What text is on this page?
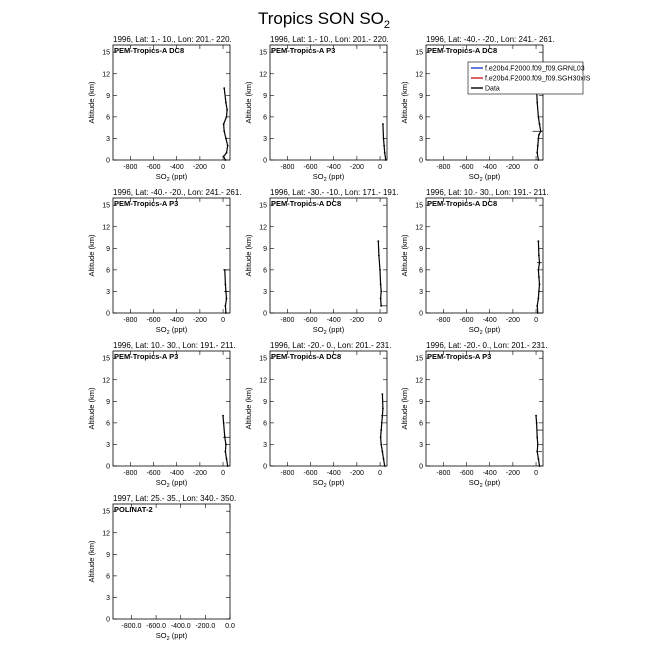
Tropics SON $SO_2$
1996, Lat: 1.- 10., Lon: 201.- 220.
PEM-Tropics-A DC8
0
3
6
9
12
15
-800 -600 -400 -200 0
$SO_2$ (ppt)
Altitude (km)
1996, Lat: 1.- 10., Lon: 201.- 220.
PEM-Tropics-A P3
0
3
6
9
12
15
-800 -600 -400 -200 0
$SO_2$ (ppt)
Altitude (km)
1996, Lat: -40.- -20., Lon: 241.- 261.
PEM-Tropics-A DC8
0
3
6
9
12
15
-800 -600 -400 -200 0
$SO_2$ (ppt)
Altitude (km)
1996, Lat: -40.- -20., Lon: 241.- 261.
PEM-Tropics-A P3
0
3
6
9
12
15
-800 -600 -400 -200 0
$SO_2$ (ppt)
Altitude (km)
1996, Lat: -30.- -10., Lon: 171.- 191.
PEM-Tropics-A DC8
0
3
6
9
12
15
-800 -600 -400 -200 0
$SO_2$ (ppt)
Altitude (km)
1996, Lat: 10.- 30., Lon: 191.- 211.
PEM-Tropics-A DC8
0
3
6
9
12
15
-800 -600 -400 -200 0
$SO_2$ (ppt)
Altitude (km)
1996, Lat: 10.- 30., Lon: 191.- 211.
PEM-Tropics-A P3
0
3
6
9
12
15
-800 -600 -400 -200 0
$SO_2$ (ppt)
Altitude (km)
1996, Lat: -20.- 0., Lon: 201.- 231.
PEM-Tropics-A DC8
0
3
6
9
12
15
-800 -600 -400 -200 0
$SO_2$ (ppt)
Altitude (km)
1996, Lat: -20.- 0., Lon: 201.- 231.
PEM-Tropics-A P3
0
3
6
9
12
15
-800 -600 -400 -200 0
$SO_2$ (ppt)
Altitude (km)
1997, Lat: 25.- 35., Lon: 340.- 350.
POLINAT-2
0
3
6
9
12
15
-800.0 -600.0 -400.0 -200.0 0.0
$SO_2$ (ppt)
Altitude (km)
f.e20b4.F2000.f09_f09.GRNL03
f.e20b4.F2000.f09_f09.SGH30xIS
Data
